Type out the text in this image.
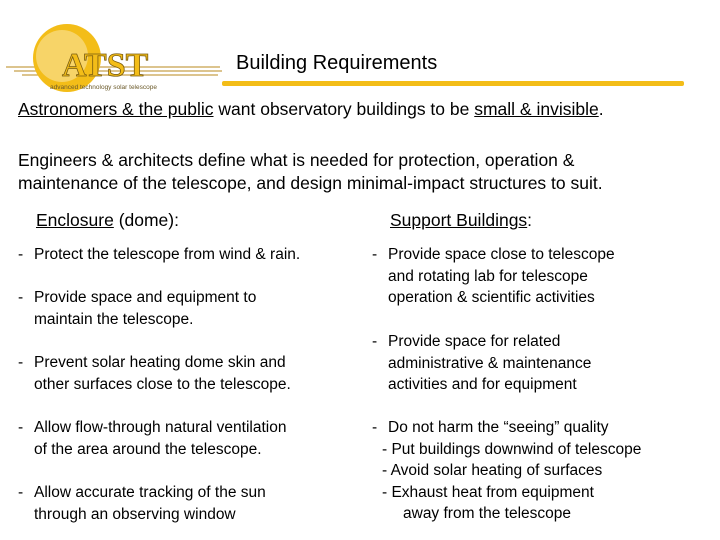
ATST
advanced technology solar telescope
Building Requirements
Astronomers & the public want observatory buildings to be small & invisible.
Engineers & architects define what is needed for protection, operation &
maintenance of the telescope, and design minimal-impact structures to suit.
Enclosure (dome):	Support Buildings:
- Protect the telescope from wind & rain.
- Provide space and equipment to
maintain the telescope.
- Prevent solar heating dome skin and
other surfaces close to the telescope.
- Allow flow-through natural ventilation
of the area around the telescope.
- Allow accurate tracking of the sun
through an observing window
- Provide space close to telescope
and rotating lab for telescope
operation & scientific activities
- Provide space for related
administrative & maintenance
activities and for equipment
- Do not harm the “seeing” quality
- Put buildings downwind of telescope
- Avoid solar heating of surfaces
- Exhaust heat from equipment
away from the telescope
